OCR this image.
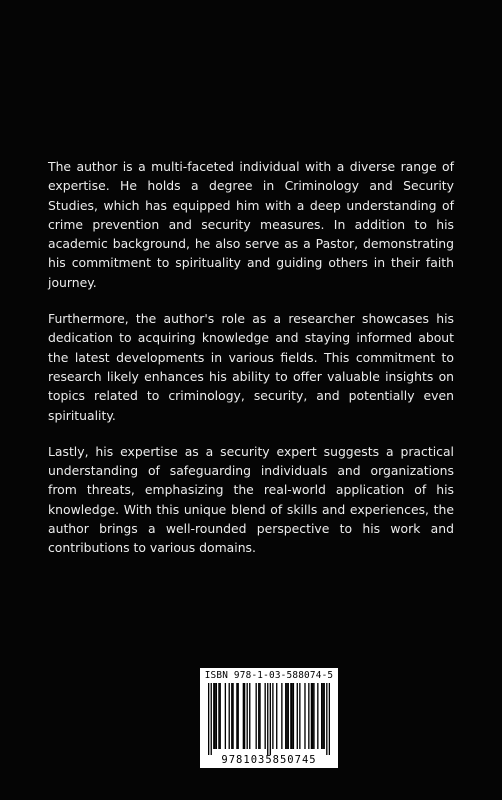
The author is a multi-faceted individual with a diverse range of expertise. He holds a degree in Criminology and Security Studies, which has equipped him with a deep understanding of crime prevention and security measures. In addition to his academic background, he also serve as a Pastor, demonstrating his commitment to spirituality and guiding others in their faith journey.

Furthermore, the author's role as a researcher showcases his dedication to acquiring knowledge and staying informed about the latest developments in various fields. This commitment to research likely enhances his ability to offer valuable insights on topics related to criminology, security, and potentially even spirituality.

Lastly, his expertise as a security expert suggests a practical understanding of safeguarding individuals and organizations from threats, emphasizing the real-world application of his knowledge. With this unique blend of skills and experiences, the author brings a well-rounded perspective to his work and contributions to various domains.

ISBN 978-1-03-588074-5
9781035850745
